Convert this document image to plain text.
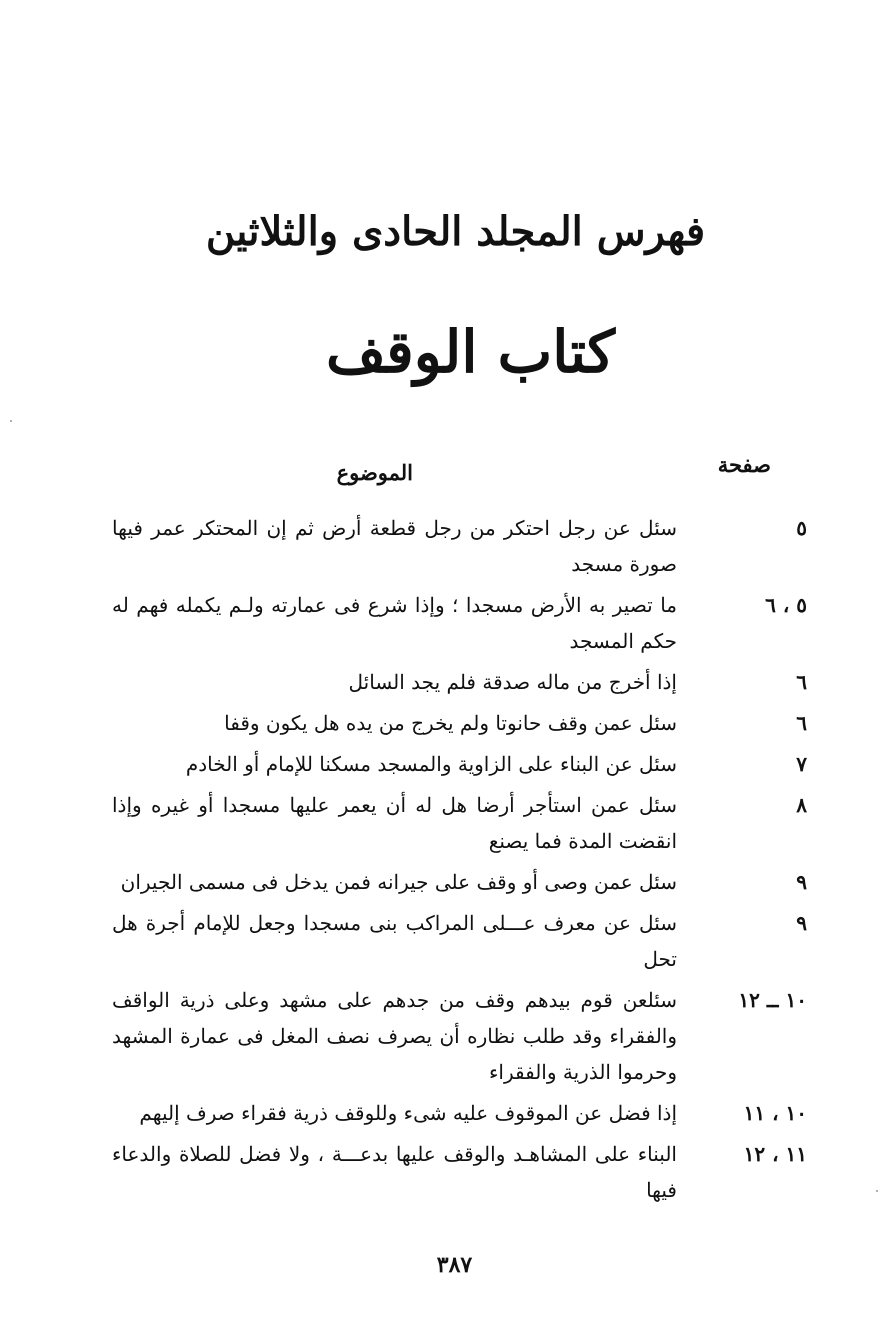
فهرس المجلد الحادى والثلاثين
كتاب الوقف
صفحة
الموضوع
٥
سئل عن رجل احتكر من رجل قطعة أرض ثم إن المحتكر عمر فيها صورة مسجد
٥ ، ٦
ما تصير به الأرض مسجدا ؛ وإذا شرع فى عمارته ولـم يكمله فهم له حكم المسجد
٦
إذا أخرج من ماله صدقة فلم يجد السائل
٦
سئل عمن وقف حانوتا ولم يخرج من يده هل يكون وقفا
٧
سئل عن البناء على الزاوية والمسجد مسكنا للإمام أو الخادم
٨
سئل عمن استأجر أرضا هل له أن يعمر عليها مسجدا أو غيره وإذا انقضت المدة فما يصنع
٩
سئل عمن وصى أو وقف على جيرانه فمن يدخل فى مسمى الجيران
٩
سئل عن معرف عـــلى المراكب بنى مسجدا وجعل للإمام أجرة هل تحل
١٠ ــ ١٢
سئلعن قوم بيدهم وقف من جدهم على مشهد وعلى ذرية الواقف والفقراء وقد طلب نظاره أن يصرف نصف المغل فى عمارة المشهد وحرموا الذرية والفقراء
١٠ ، ١١
إذا فضل عن الموقوف عليه شىء وللوقف ذرية فقراء صرف إليهم
١١ ، ١٢
البناء على المشاهـد والوقف عليها بدعـــة ، ولا فضل للصلاة والدعاء فيها
٣٨٧
